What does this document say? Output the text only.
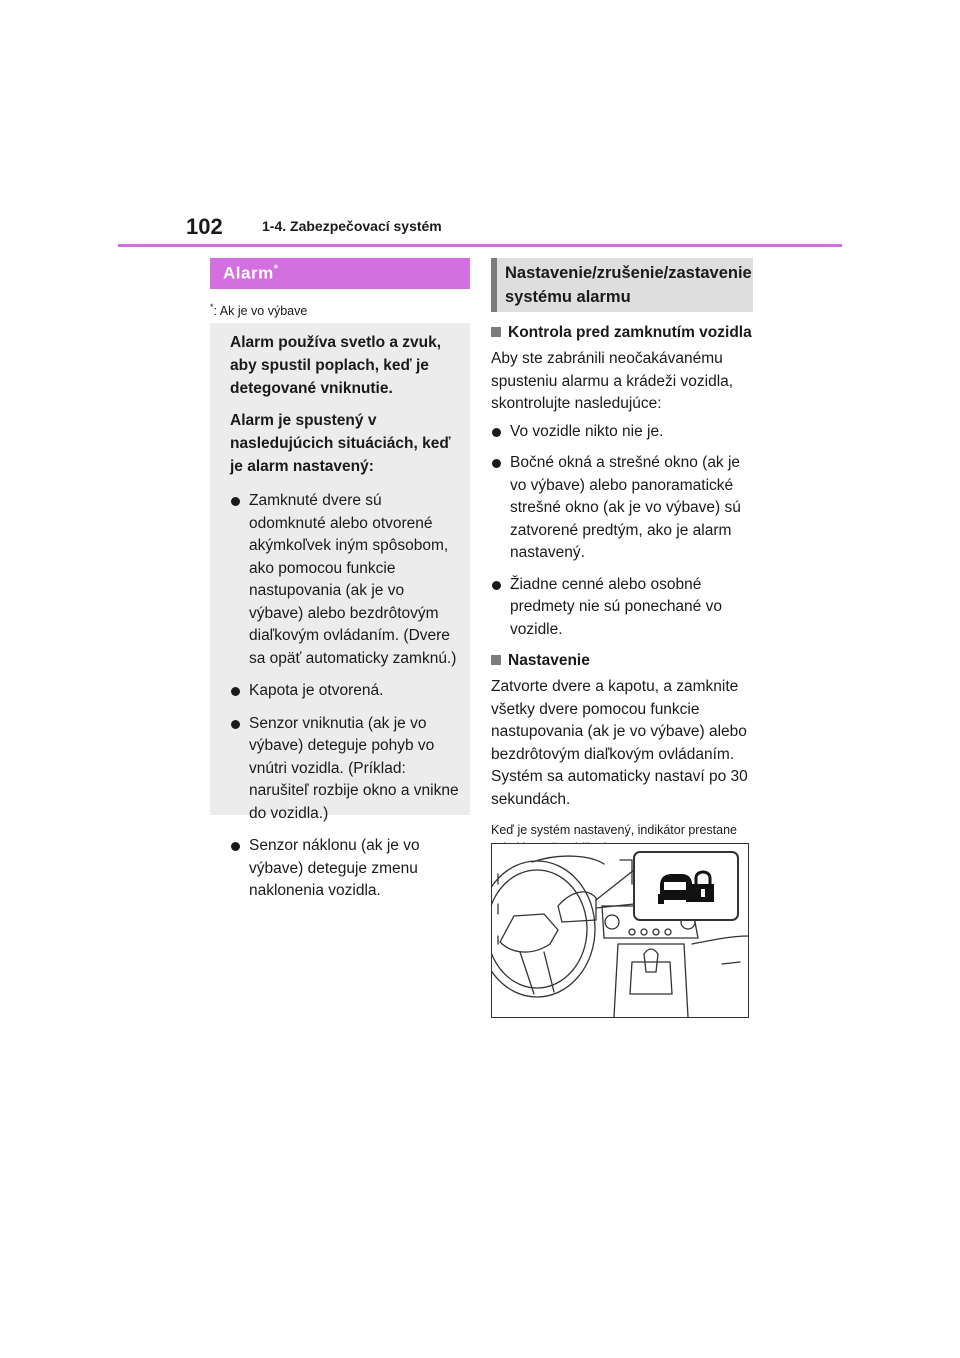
102	1-4. Zabezpečovací systém
Alarm*
*: Ak je vo výbave

Alarm používa svetlo a zvuk, aby spustil poplach, keď je detegované vniknutie.

Alarm je spustený v nasledujúcich situáciách, keď je alarm nastavený:

Zamknuté dvere sú odomknuté alebo otvorené akýmkoľvek iným spôsobom, ako pomocou funkcie nastupovania (ak je vo výbave) alebo bezdrôtovým diaľkovým ovládaním. (Dvere sa opäť automaticky zamknú.)
Kapota je otvorená.
Senzor vniknutia (ak je vo výbave) deteguje pohyb vo vnútri vozidla. (Príklad: narušiteľ rozbije okno a vnikne do vozidla.)
Senzor náklonu (ak je vo výbave) deteguje zmenu naklonenia vozidla.
Nastavenie/zrušenie/zastavenie systému alarmu
Kontrola pred zamknutím vozidla

Aby ste zabránili neočakávanému spusteniu alarmu a krádeži vozidla, skontrolujte nasledujúce:

Vo vozidle nikto nie je.
Bočné okná a strešné okno (ak je vo výbave) alebo panoramatické strešné okno (ak je vo výbave) sú zatvorené predtým, ako je alarm nastavený.
Žiadne cenné alebo osobné predmety nie sú ponechané vo vozidle.
Nastavenie

Zatvorte dvere a kapotu, a zamknite všetky dvere pomocou funkcie nastupovania (ak je vo výbave) alebo bezdrôtovým diaľkovým ovládaním. Systém sa automaticky nastaví po 30 sekundách.

Keď je systém nastavený, indikátor prestane
